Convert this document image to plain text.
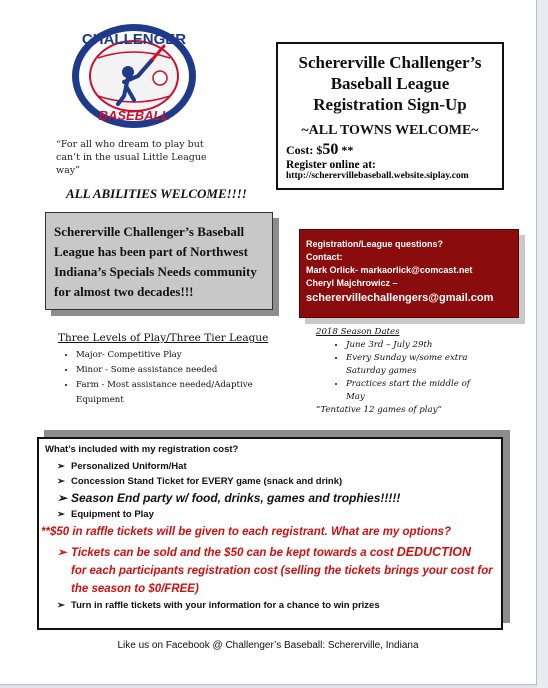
CHALLENGER
BASEBALL
“For all who dream to play but can’t in the usual Little League way”
ALL ABILITIES WELCOME!!!!
Schererville Challenger’s
Baseball League
Registration Sign-Up
~ALL TOWNS WELCOME~
Cost: $50 **
Register online at:
http://scherervillebaseball.website.siplay.com
Schererville Challenger’s Baseball League has been part of Northwest Indiana’s Specials Needs community for almost two decades!!!
Registration/League questions?
Contact:
Mark Orlick- markaorlick@comcast.net
Cheryl Majchrowicz –
scherervillechallengers@gmail.com
Three Levels of Play/Three Tier League
• Major- Competitive Play
• Minor - Some assistance needed
• Farm - Most assistance needed/Adaptive Equipment
2018 Season Dates
• June 3rd – July 29th
• Every Sunday w/some extra Saturday games
• Practices start the middle of May
“Tentative 12 games of play”
What’s included with my registration cost?
➢ Personalized Uniform/Hat
➢ Concession Stand Ticket for EVERY game (snack and drink)
➢ Season End party w/ food, drinks, games and trophies!!!!!
➢ Equipment to Play
**$50 in raffle tickets will be given to each registrant. What are my options?
➢ Tickets can be sold and the $50 can be kept towards a cost DEDUCTION
for each participants registration cost (selling the tickets brings your cost for the season to $0/FREE)
➢ Turn in raffle tickets with your information for a chance to win prizes
Like us on Facebook @ Challenger’s Baseball: Schererville, Indiana
